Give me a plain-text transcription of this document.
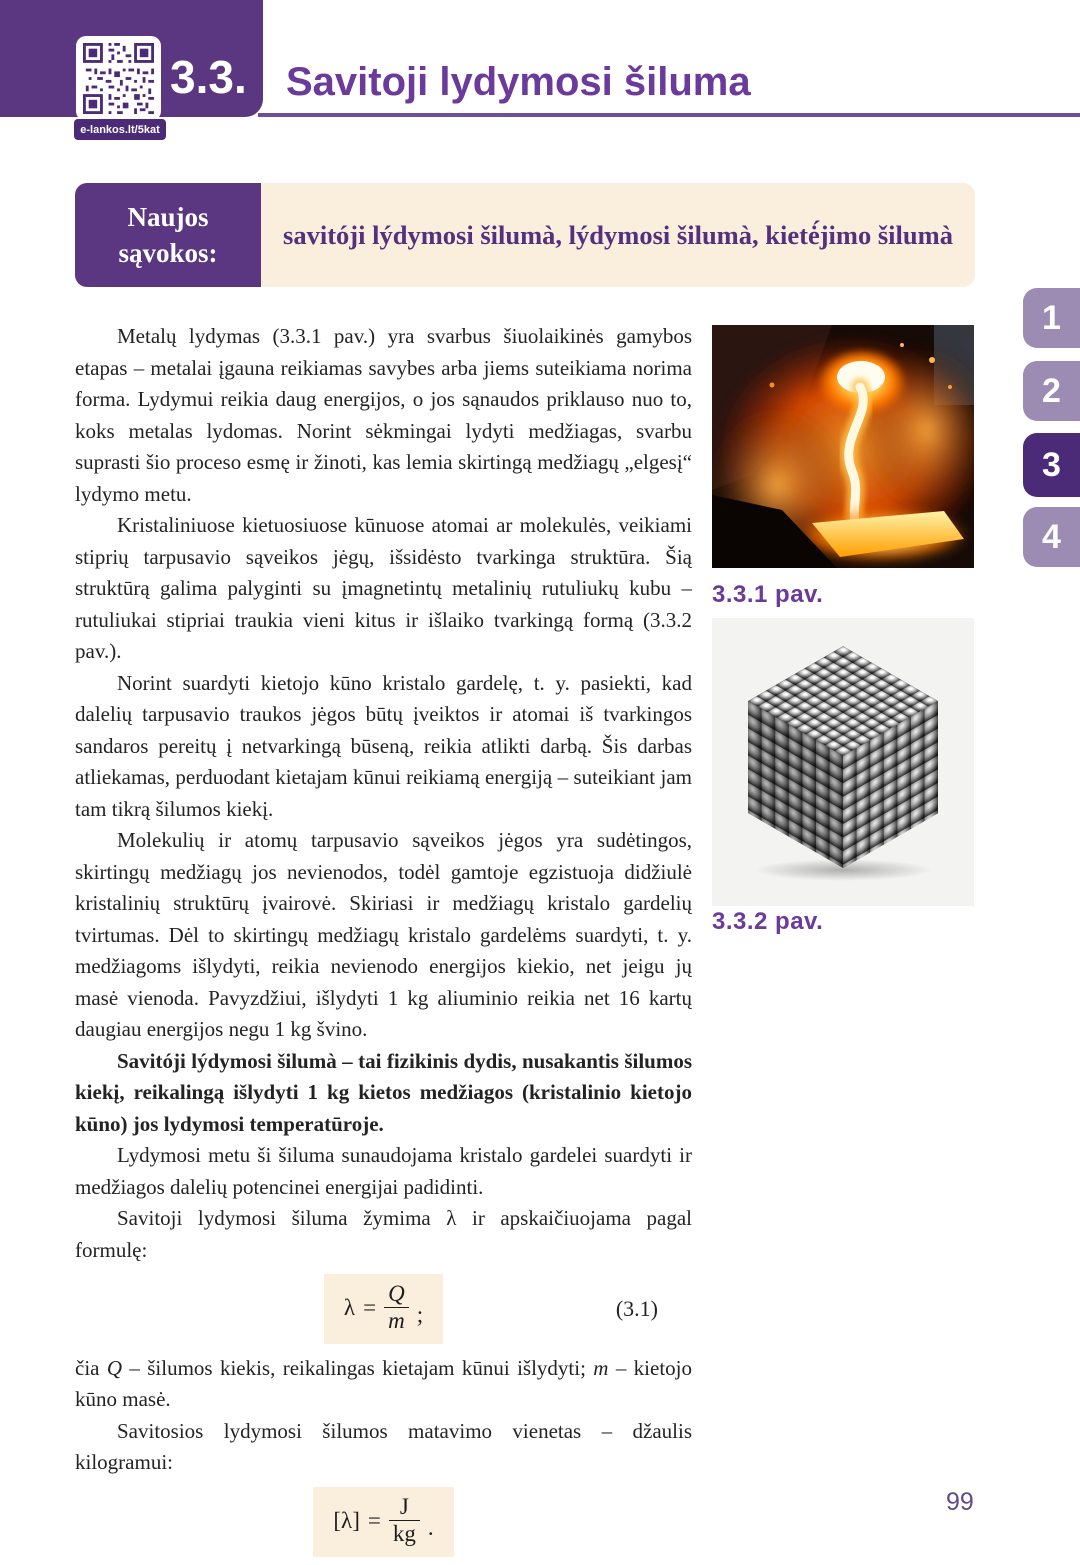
e-lankos.lt/5kat
3.3. Savitoji lydymosi šiluma
Naujos sąvokos:
savitóji lýdymosi šilumà, lýdymosi šilumà, kietė́jimo šilumà

Metalų lydymas (3.3.1 pav.) yra svarbus šiuolaikinės gamybos etapas – metalai įgauna reikiamas savybes arba jiems suteikiama norima forma. Lydymui reikia daug energijos, o jos sąnaudos priklauso nuo to, koks metalas lydomas. Norint sėkmingai lydyti medžiagas, svarbu suprasti šio proceso esmę ir žinoti, kas lemia skirtingą medžiagų „elgesį“ lydymo metu.

Kristaliniuose kietuosiuose kūnuose atomai ar molekulės, veikiami stiprių tarpusavio sąveikos jėgų, išsidėsto tvarkinga struktūra. Šią struktūrą galima palyginti su įmagnetintų metalinių rutuliukų kubu – rutuliukai stipriai traukia vieni kitus ir išlaiko tvarkingą formą (3.3.2 pav.).

Norint suardyti kietojo kūno kristalo gardelę, t. y. pasiekti, kad dalelių tarpusavio traukos jėgos būtų įveiktos ir atomai iš tvarkingos sandaros pereitų į netvarkingą būseną, reikia atlikti darbą. Šis darbas atliekamas, perduodant kietajam kūnui reikiamą energiją – suteikiant jam tam tikrą šilumos kiekį.

Molekulių ir atomų tarpusavio sąveikos jėgos yra sudėtingos, skirtingų medžiagų jos nevienodos, todėl gamtoje egzistuoja didžiulė kristalinių struktūrų įvairovė. Skiriasi ir medžiagų kristalo gardelių tvirtumas. Dėl to skirtingų medžiagų kristalo gardelėms suardyti, t. y. medžiagoms išlydyti, reikia nevienodo energijos kiekio, net jeigu jų masė vienoda. Pavyzdžiui, išlydyti 1 kg aliuminio reikia net 16 kartų daugiau energijos negu 1 kg švino.

Savitóji lýdymosi šilumà – tai fizikinis dydis, nusakantis šilumos kiekį, reikalingą išlydyti 1 kg kietos medžiagos (kristalinio kietojo kūno) jos lydymosi temperatūroje.

Lydymosi metu ši šiluma sunaudojama kristalo gardelei suardyti ir medžiagos dalelių potencinei energijai padidinti.

Savitoji lydymosi šiluma žymima λ ir apskaičiuojama pagal formulę:

$\lambda = \frac{Q}{m}$ ;	(3.1)

čia Q – šilumos kiekis, reikalingas kietajam kūnui išlydyti; m – kietojo kūno masė.

Savitosios lydymosi šilumos matavimo vienetas – džaulis kilogramui:

$[\lambda] = \frac{J}{kg}$ .
3.3.1 pav.
3.3.2 pav.
1
2
3
4
99
